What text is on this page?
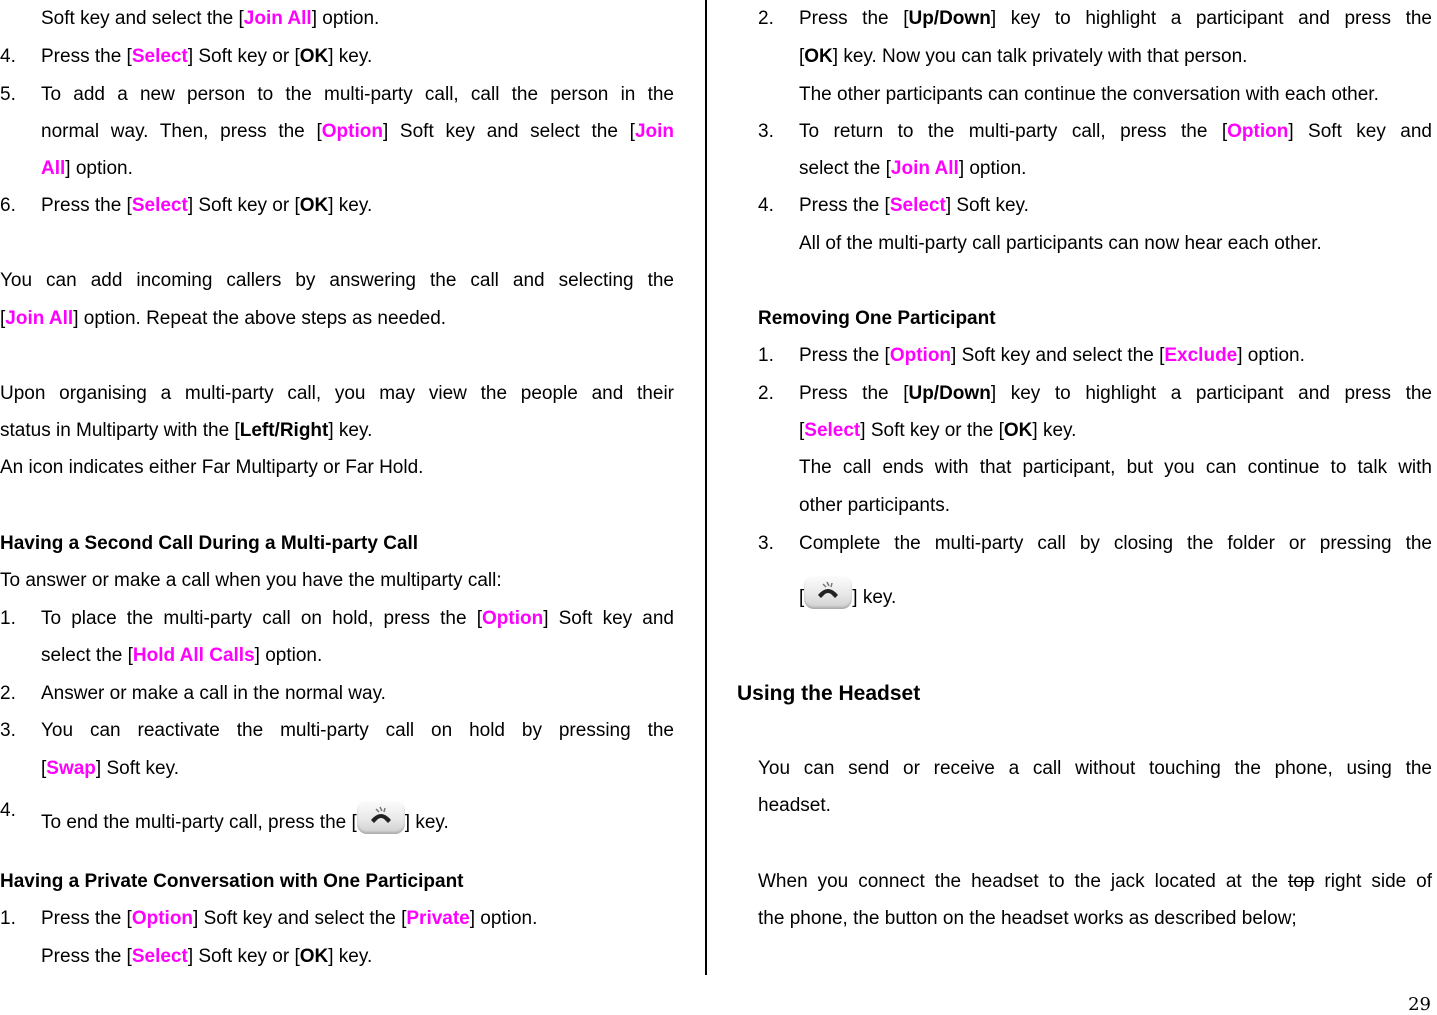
Soft key and select the [Join All] option.
4. Press the [Select] Soft key or [OK] key.
5. To add a new person to the multi-party call, call the person in the
normal way. Then, press the [Option] Soft key and select the [Join
All] option.
6. Press the [Select] Soft key or [OK] key.
You can add incoming callers by answering the call and selecting the
[Join All] option. Repeat the above steps as needed.
Upon organising a multi-party call, you may view the people and their
status in Multiparty with the [Left/Right] key.
An icon indicates either Far Multiparty or Far Hold.
Having a Second Call During a Multi-party Call
To answer or make a call when you have the multiparty call:
1. To place the multi-party call on hold, press the [Option] Soft key and
select the [Hold All Calls] option.
2. Answer or make a call in the normal way.
3. You can reactivate the multi-party call on hold by pressing the
[Swap] Soft key.
4.
To end the multi-party call, press the [	] key.
Having a Private Conversation with One Participant
1. Press the [Option] Soft key and select the [Private] option.
Press the [Select] Soft key or [OK] key.
2. Press the [Up/Down] key to highlight a participant and press the
[OK] key. Now you can talk privately with that person.
The other participants can continue the conversation with each other.
3. To return to the multi-party call, press the [Option] Soft key and
select the [Join All] option.
4. Press the [Select] Soft key.
All of the multi-party call participants can now hear each other.
Removing One Participant
1. Press the [Option] Soft key and select the [Exclude] option.
2. Press the [Up/Down] key to highlight a participant and press the
[Select] Soft key or the [OK] key.
The call ends with that participant, but you can continue to talk with
other participants.
3. Complete the multi-party call by closing the folder or pressing the
[	] key.
Using the Headset
You can send or receive a call without touching the phone, using the
headset.
When you connect the headset to the jack located at the top right side of
the phone, the button on the headset works as described below;
29
